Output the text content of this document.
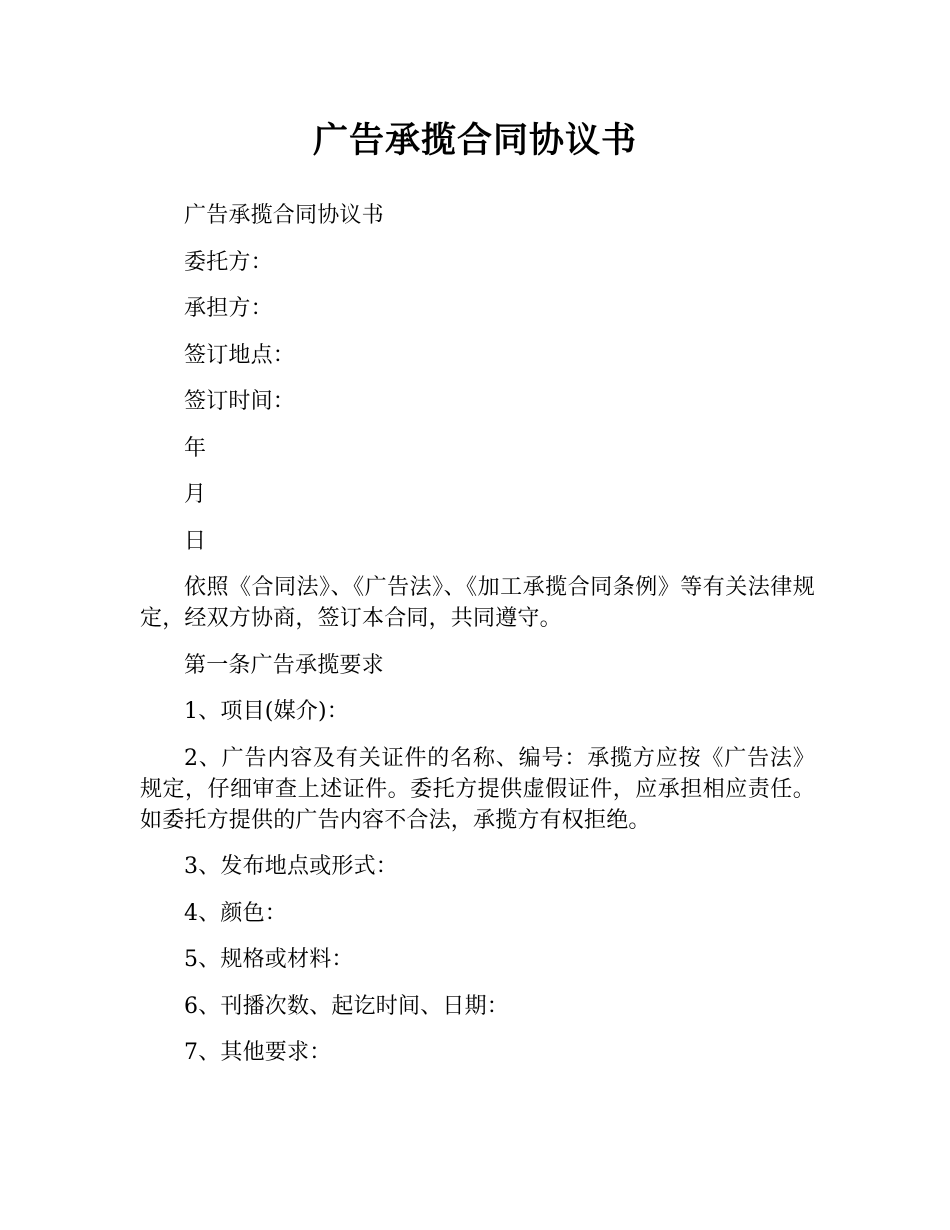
广告承揽合同协议书

广告承揽合同协议书

委托方：

承担方：

签订地点：

签订时间：

年

月

日

依照《合同法》、《广告法》、《加工承揽合同条例》等有关法律规定，经双方协商，签订本合同，共同遵守。

第一条广告承揽要求

1、项目(媒介)：

2、广告内容及有关证件的名称、编号：承揽方应按《广告法》规定，仔细审查上述证件。委托方提供虚假证件，应承担相应责任。如委托方提供的广告内容不合法，承揽方有权拒绝。

3、发布地点或形式：

4、颜色：

5、规格或材料：

6、刊播次数、起讫时间、日期：

7、其他要求：
